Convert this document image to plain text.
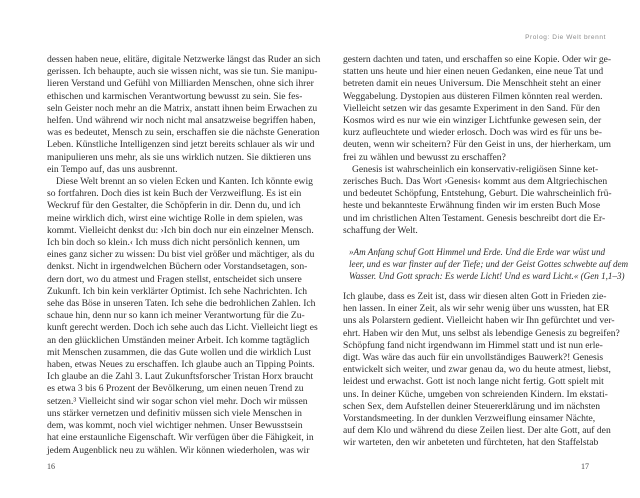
dessen haben neue, elitäre, digitale Netzwerke längst das Ruder an sich
gerissen. Ich behaupte, auch sie wissen nicht, was sie tun. Sie manipu-
lieren Verstand und Gefühl von Milliarden Menschen, ohne sich ihrer
ethischen und karmischen Verantwortung bewusst zu sein. Sie fes-
seln Geister noch mehr an die Matrix, anstatt ihnen beim Erwachen zu
helfen. Und während wir noch nicht mal ansatzweise begriffen haben,
was es bedeutet, Mensch zu sein, erschaffen sie die nächste Generation
Leben. Künstliche Intelligenzen sind jetzt bereits schlauer als wir und
manipulieren uns mehr, als sie uns wirklich nutzen. Sie diktieren uns
ein Tempo auf, das uns ausbrennt.
Diese Welt brennt an so vielen Ecken und Kanten. Ich könnte ewig
so fortfahren. Doch dies ist kein Buch der Verzweiflung. Es ist ein
Weckruf für den Gestalter, die Schöpferin in dir. Denn du, und ich
meine wirklich dich, wirst eine wichtige Rolle in dem spielen, was
kommt. Vielleicht denkst du: ›Ich bin doch nur ein einzelner Mensch.
Ich bin doch so klein.‹ Ich muss dich nicht persönlich kennen, um
eines ganz sicher zu wissen: Du bist viel größer und mächtiger, als du
denkst. Nicht in irgendwelchen Büchern oder Vorstandsetagen, son-
dern dort, wo du atmest und Fragen stellst, entscheidet sich unsere
Zukunft. Ich bin kein verklärter Optimist. Ich sehe Nachrichten. Ich
sehe das Böse in unseren Taten. Ich sehe die bedrohlichen Zahlen. Ich
schaue hin, denn nur so kann ich meiner Verantwortung für die Zu-
kunft gerecht werden. Doch ich sehe auch das Licht. Vielleicht liegt es
an den glücklichen Umständen meiner Arbeit. Ich komme tagtäglich
mit Menschen zusammen, die das Gute wollen und die wirklich Lust
haben, etwas Neues zu erschaffen. Ich glaube auch an Tipping Points.
Ich glaube an die Zahl 3. Laut Zukunftsforscher Tristan Horx braucht
es etwa 3 bis 6 Prozent der Bevölkerung, um einen neuen Trend zu
setzen.³ Vielleicht sind wir sogar schon viel mehr. Doch wir müssen
uns stärker vernetzen und definitiv müssen sich viele Menschen in
dem, was kommt, noch viel wichtiger nehmen. Unser Bewusstsein
hat eine erstaunliche Eigenschaft. Wir verfügen über die Fähigkeit, in
jedem Augenblick neu zu wählen. Wir können wiederholen, was wir
16
Prolog: Die Welt brennt
gestern dachten und taten, und erschaffen so eine Kopie. Oder wir ge-
statten uns heute und hier einen neuen Gedanken, eine neue Tat und
betreten damit ein neues Universum. Die Menschheit steht an einer
Weggabelung. Dystopien aus düsteren Filmen könnten real werden.
Vielleicht setzen wir das gesamte Experiment in den Sand. Für den
Kosmos wird es nur wie ein winziger Lichtfunke gewesen sein, der
kurz aufleuchtete und wieder erlosch. Doch was wird es für uns be-
deuten, wenn wir scheitern? Für den Geist in uns, der hierherkam, um
frei zu wählen und bewusst zu erschaffen?
Genesis ist wahrscheinlich ein konservativ-religiösen Sinne ket-
zerisches Buch. Das Wort ›Genesis‹ kommt aus dem Altgriechischen
und bedeutet Schöpfung, Entstehung, Geburt. Die wahrscheinlich frü-
heste und bekannteste Erwähnung finden wir im ersten Buch Mose
und im christlichen Alten Testament. Genesis beschreibt dort die Er-
schaffung der Welt.
»Am Anfang schuf Gott Himmel und Erde. Und die Erde war wüst und
leer, und es war finster auf der Tiefe; und der Geist Gottes schwebte auf dem
Wasser. Und Gott sprach: Es werde Licht! Und es ward Licht.« (Gen 1,1–3)
Ich glaube, dass es Zeit ist, dass wir diesen alten Gott in Frieden zie-
hen lassen. In einer Zeit, als wir sehr wenig über uns wussten, hat ER
uns als Polarstern gedient. Vielleicht haben wir Ihn gefürchtet und ver-
ehrt. Haben wir den Mut, uns selbst als lebendige Genesis zu begreifen?
Schöpfung fand nicht irgendwann im Himmel statt und ist nun erle-
digt. Was wäre das auch für ein unvollständiges Bauwerk?! Genesis
entwickelt sich weiter, und zwar genau da, wo du heute atmest, liebst,
leidest und erwachst. Gott ist noch lange nicht fertig. Gott spielt mit
uns. In deiner Küche, umgeben von schreienden Kindern. Im ekstati-
schen Sex, dem Aufstellen deiner Steuererklärung und im nächsten
Vorstandsmeeting. In der dunklen Verzweiflung einsamer Nächte,
auf dem Klo und während du diese Zeilen liest. Der alte Gott, auf den
wir warteten, den wir anbeteten und fürchteten, hat den Staffelstab
17
